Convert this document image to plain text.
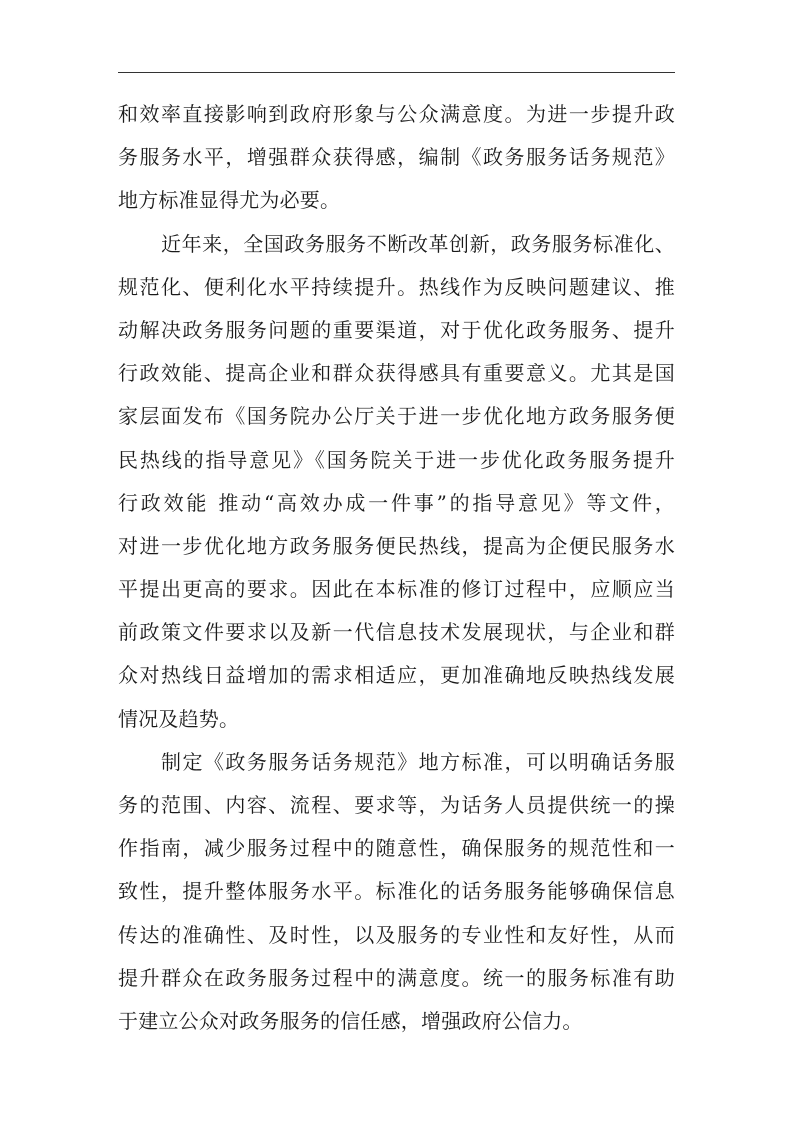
和效率直接影响到政府形象与公众满意度。为进一步提升政
务服务水平，增强群众获得感，编制《政务服务话务规范》
地方标准显得尤为必要。
近年来，全国政务服务不断改革创新，政务服务标准化、
规范化、便利化水平持续提升。热线作为反映问题建议、推
动解决政务服务问题的重要渠道，对于优化政务服务、提升
行政效能、提高企业和群众获得感具有重要意义。尤其是国
家层面发布《国务院办公厅关于进一步优化地方政务服务便
民热线的指导意见》《国务院关于进一步优化政务服务提升
行政效能 推动“高效办成一件事”的指导意见》等文件，
对进一步优化地方政务服务便民热线，提高为企便民服务水
平提出更高的要求。因此在本标准的修订过程中，应顺应当
前政策文件要求以及新一代信息技术发展现状，与企业和群
众对热线日益增加的需求相适应，更加准确地反映热线发展
情况及趋势。
制定《政务服务话务规范》地方标准，可以明确话务服
务的范围、内容、流程、要求等，为话务人员提供统一的操
作指南，减少服务过程中的随意性，确保服务的规范性和一
致性，提升整体服务水平。标准化的话务服务能够确保信息
传达的准确性、及时性，以及服务的专业性和友好性，从而
提升群众在政务服务过程中的满意度。统一的服务标准有助
于建立公众对政务服务的信任感，增强政府公信力。
